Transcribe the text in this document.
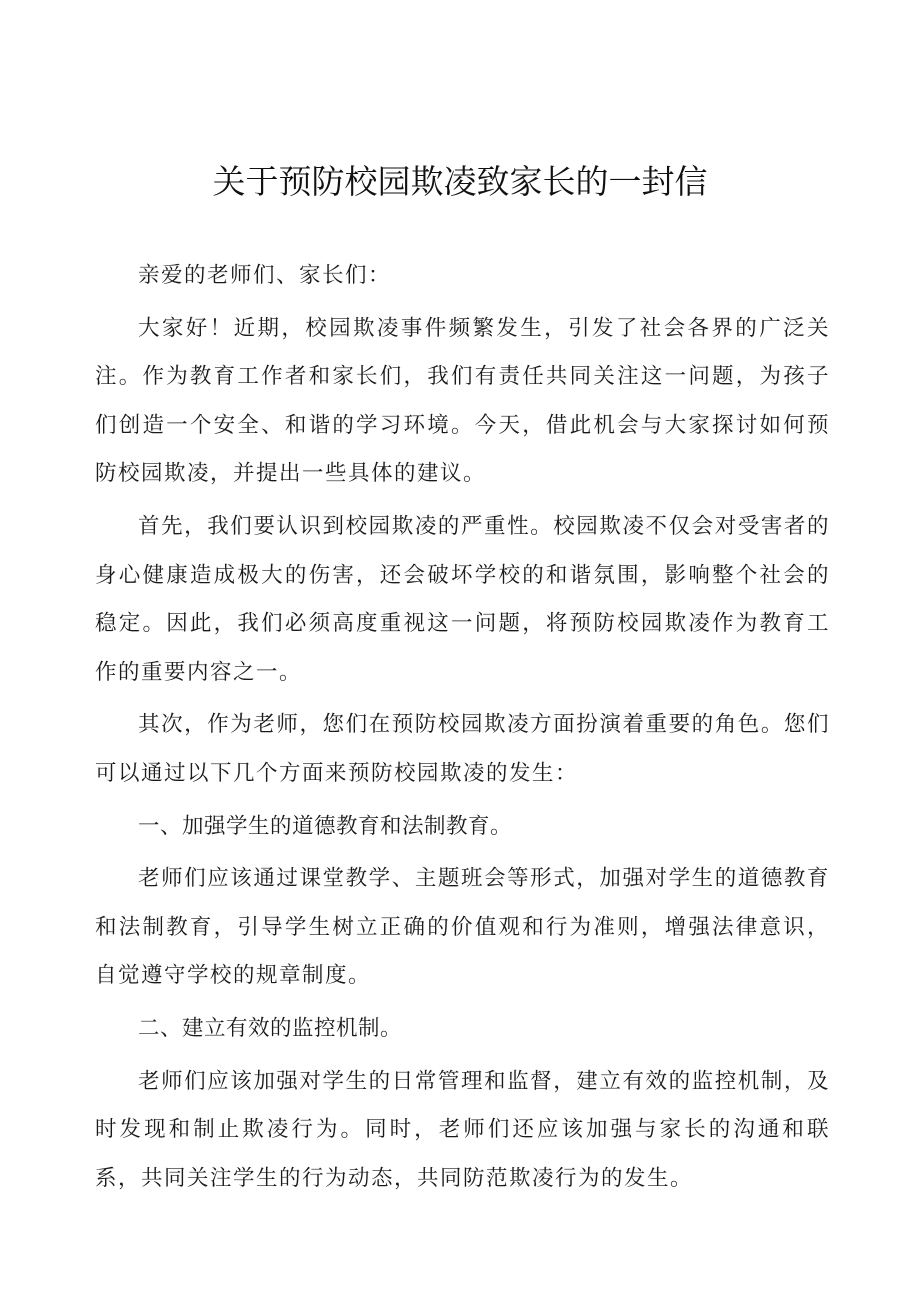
关于预防校园欺凌致家长的一封信

亲爱的老师们、家长们：

大家好！近期，校园欺凌事件频繁发生，引发了社会各界的广泛关注。作为教育工作者和家长们，我们有责任共同关注这一问题，为孩子们创造一个安全、和谐的学习环境。今天，借此机会与大家探讨如何预防校园欺凌，并提出一些具体的建议。

首先，我们要认识到校园欺凌的严重性。校园欺凌不仅会对受害者的身心健康造成极大的伤害，还会破坏学校的和谐氛围，影响整个社会的稳定。因此，我们必须高度重视这一问题，将预防校园欺凌作为教育工作的重要内容之一。

其次，作为老师，您们在预防校园欺凌方面扮演着重要的角色。您们可以通过以下几个方面来预防校园欺凌的发生：

一、加强学生的道德教育和法制教育。

老师们应该通过课堂教学、主题班会等形式，加强对学生的道德教育和法制教育，引导学生树立正确的价值观和行为准则，增强法律意识，自觉遵守学校的规章制度。

二、建立有效的监控机制。

老师们应该加强对学生的日常管理和监督，建立有效的监控机制，及时发现和制止欺凌行为。同时，老师们还应该加强与家长的沟通和联系，共同关注学生的行为动态，共同防范欺凌行为的发生。
